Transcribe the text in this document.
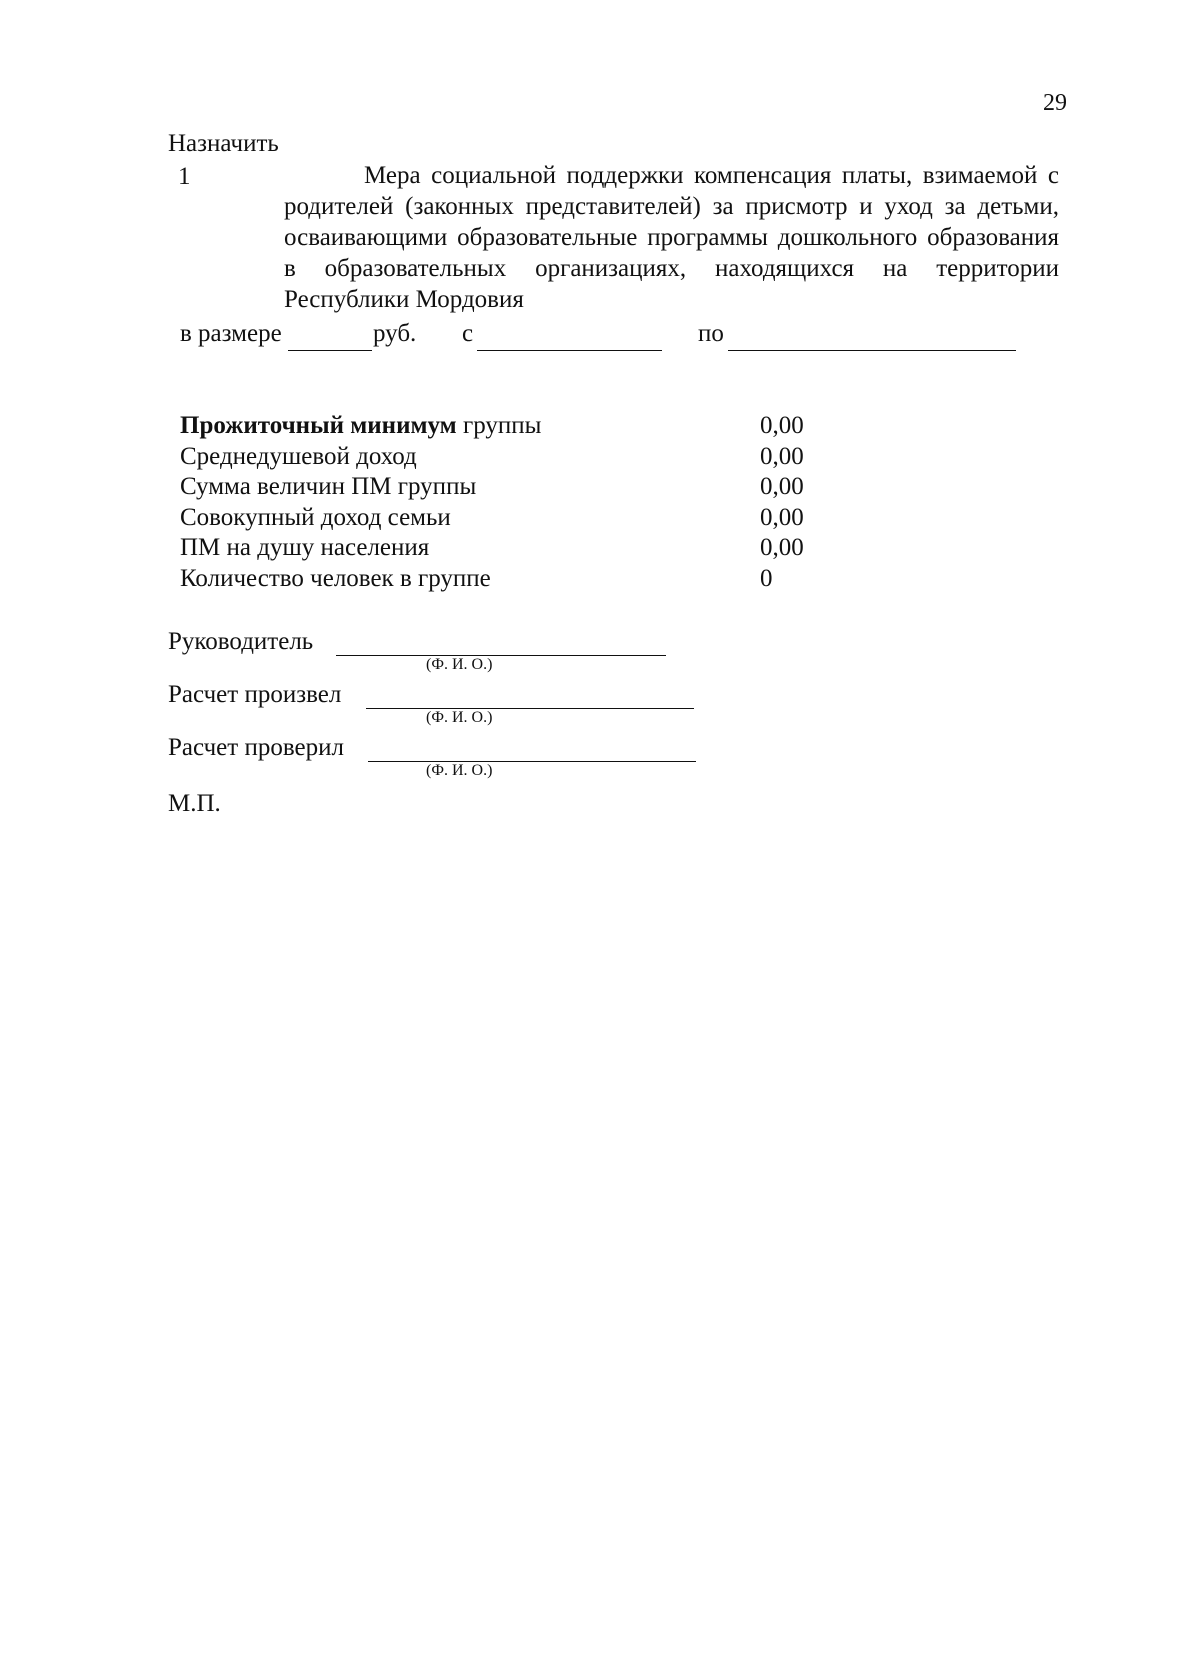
29
Назначить
1	Мера социальной поддержки компенсация платы, взимаемой с родителей (законных представителей) за присмотр и уход за детьми, осваивающими образовательные программы дошкольного образования в образовательных организациях, находящихся на территории Республики Мордовия
в размере	руб. с	по
Прожиточный минимум группы	0,00
Среднедушевой доход	0,00
Сумма величин ПМ группы	0,00
Совокупный доход семьи	0,00
ПМ на душу населения	0,00
Количество человек в группе	0
Руководитель
(Ф. И. О.)
Расчет произвел
(Ф. И. О.)
Расчет проверил
(Ф. И. О.)
М.П.
